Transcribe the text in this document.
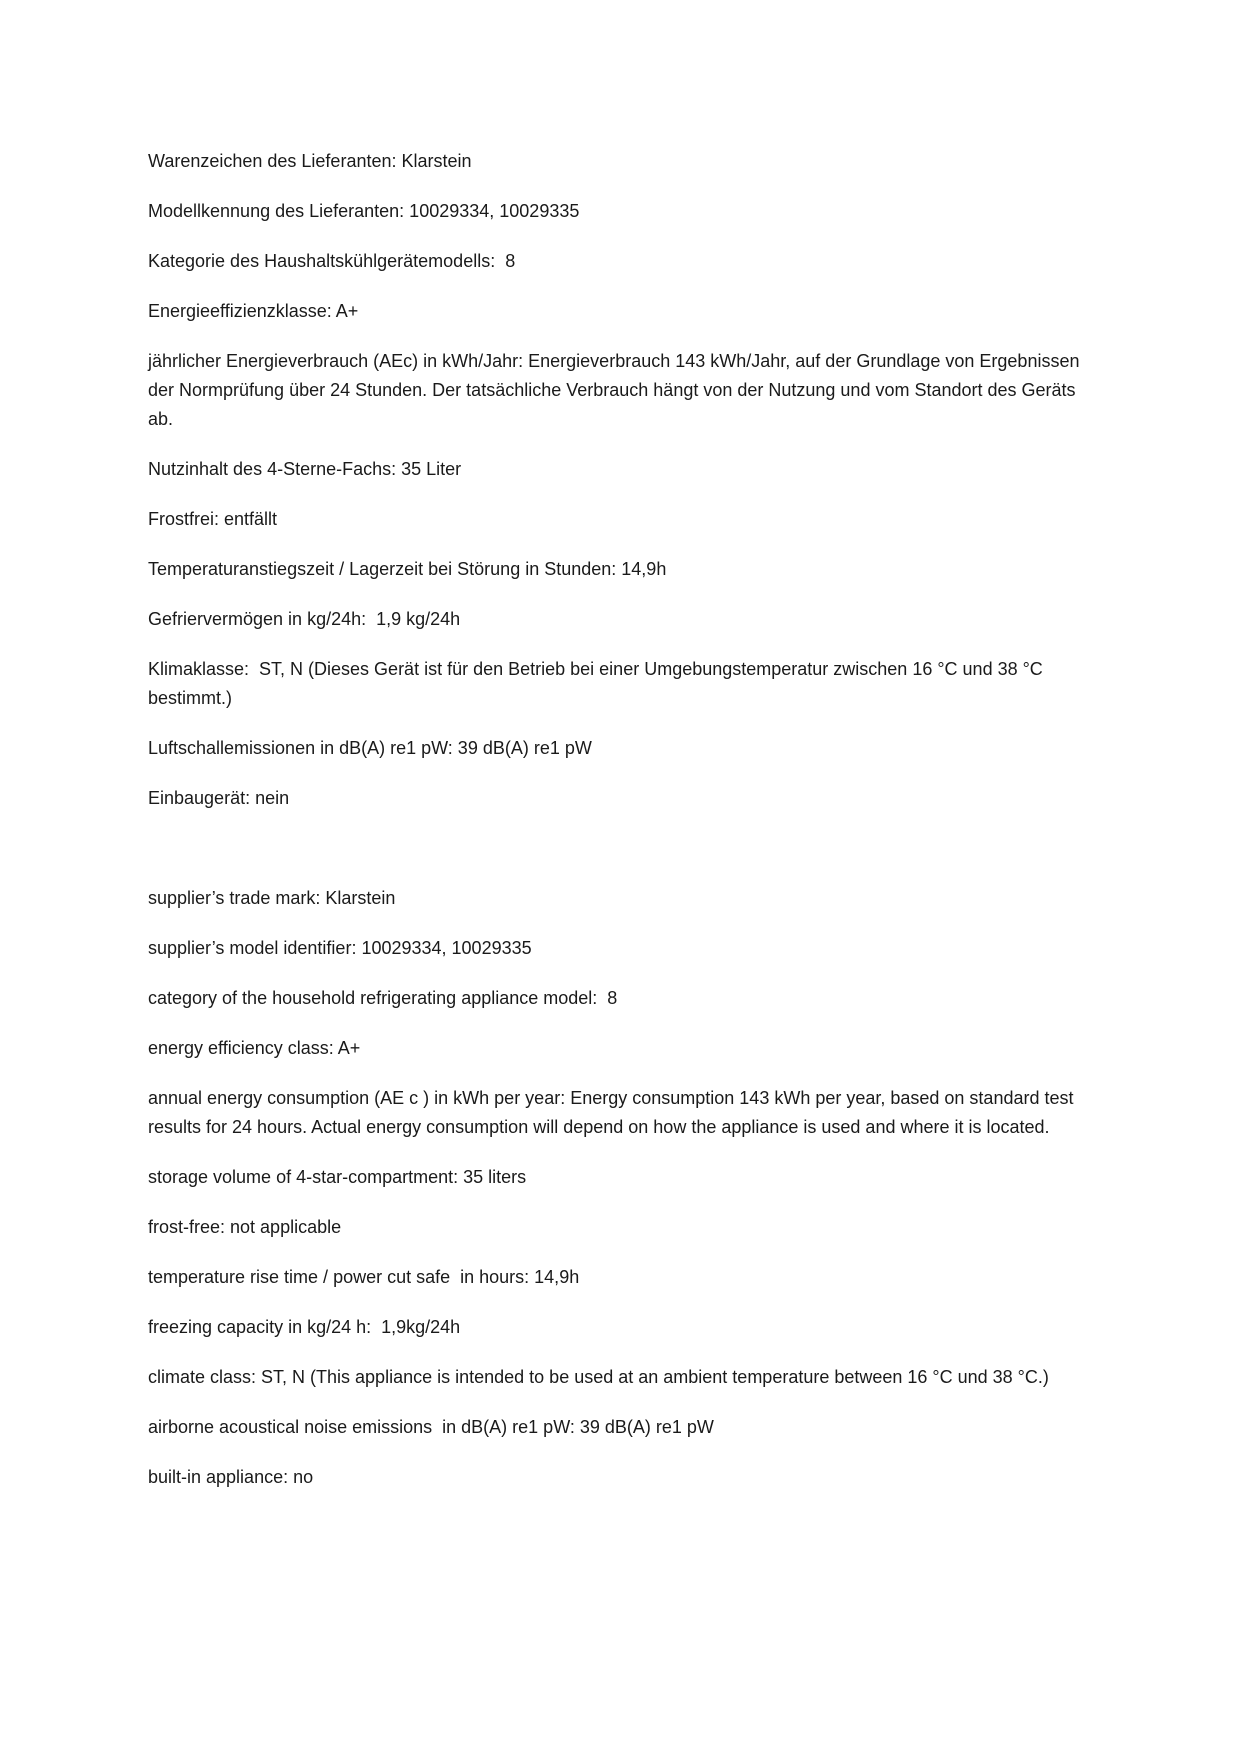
Warenzeichen des Lieferanten: Klarstein

Modellkennung des Lieferanten: 10029334, 10029335

Kategorie des Haushaltskühlgerätemodells:  8

Energieeffizienzklasse: A+

jährlicher Energieverbrauch (AEc) in kWh/Jahr: Energieverbrauch 143 kWh/Jahr, auf der Grundlage von Ergebnissen der Normprüfung über 24 Stunden. Der tatsächliche Verbrauch hängt von der Nutzung und vom Standort des Geräts ab.

Nutzinhalt des 4-Sterne-Fachs: 35 Liter

Frostfrei: entfällt

Temperaturanstiegszeit / Lagerzeit bei Störung in Stunden: 14,9h

Gefriervermögen in kg/24h:  1,9 kg/24h

Klimaklasse:  ST, N (Dieses Gerät ist für den Betrieb bei einer Umgebungstemperatur zwischen 16 °C und 38 °C bestimmt.)

Luftschallemissionen in dB(A) re1 pW: 39 dB(A) re1 pW

Einbaugerät: nein

supplier’s trade mark: Klarstein

supplier’s model identifier: 10029334, 10029335

category of the household refrigerating appliance model:  8

energy efficiency class: A+

annual energy consumption (AE c ) in kWh per year: Energy consumption 143 kWh per year, based on standard test results for 24 hours. Actual energy consumption will depend on how the appliance is used and where it is located.

storage volume of 4-star-compartment: 35 liters

frost-free: not applicable

temperature rise time / power cut safe  in hours: 14,9h

freezing capacity in kg/24 h:  1,9kg/24h

climate class: ST, N (This appliance is intended to be used at an ambient temperature between 16 °C und 38 °C.)

airborne acoustical noise emissions  in dB(A) re1 pW: 39 dB(A) re1 pW

built-in appliance: no
